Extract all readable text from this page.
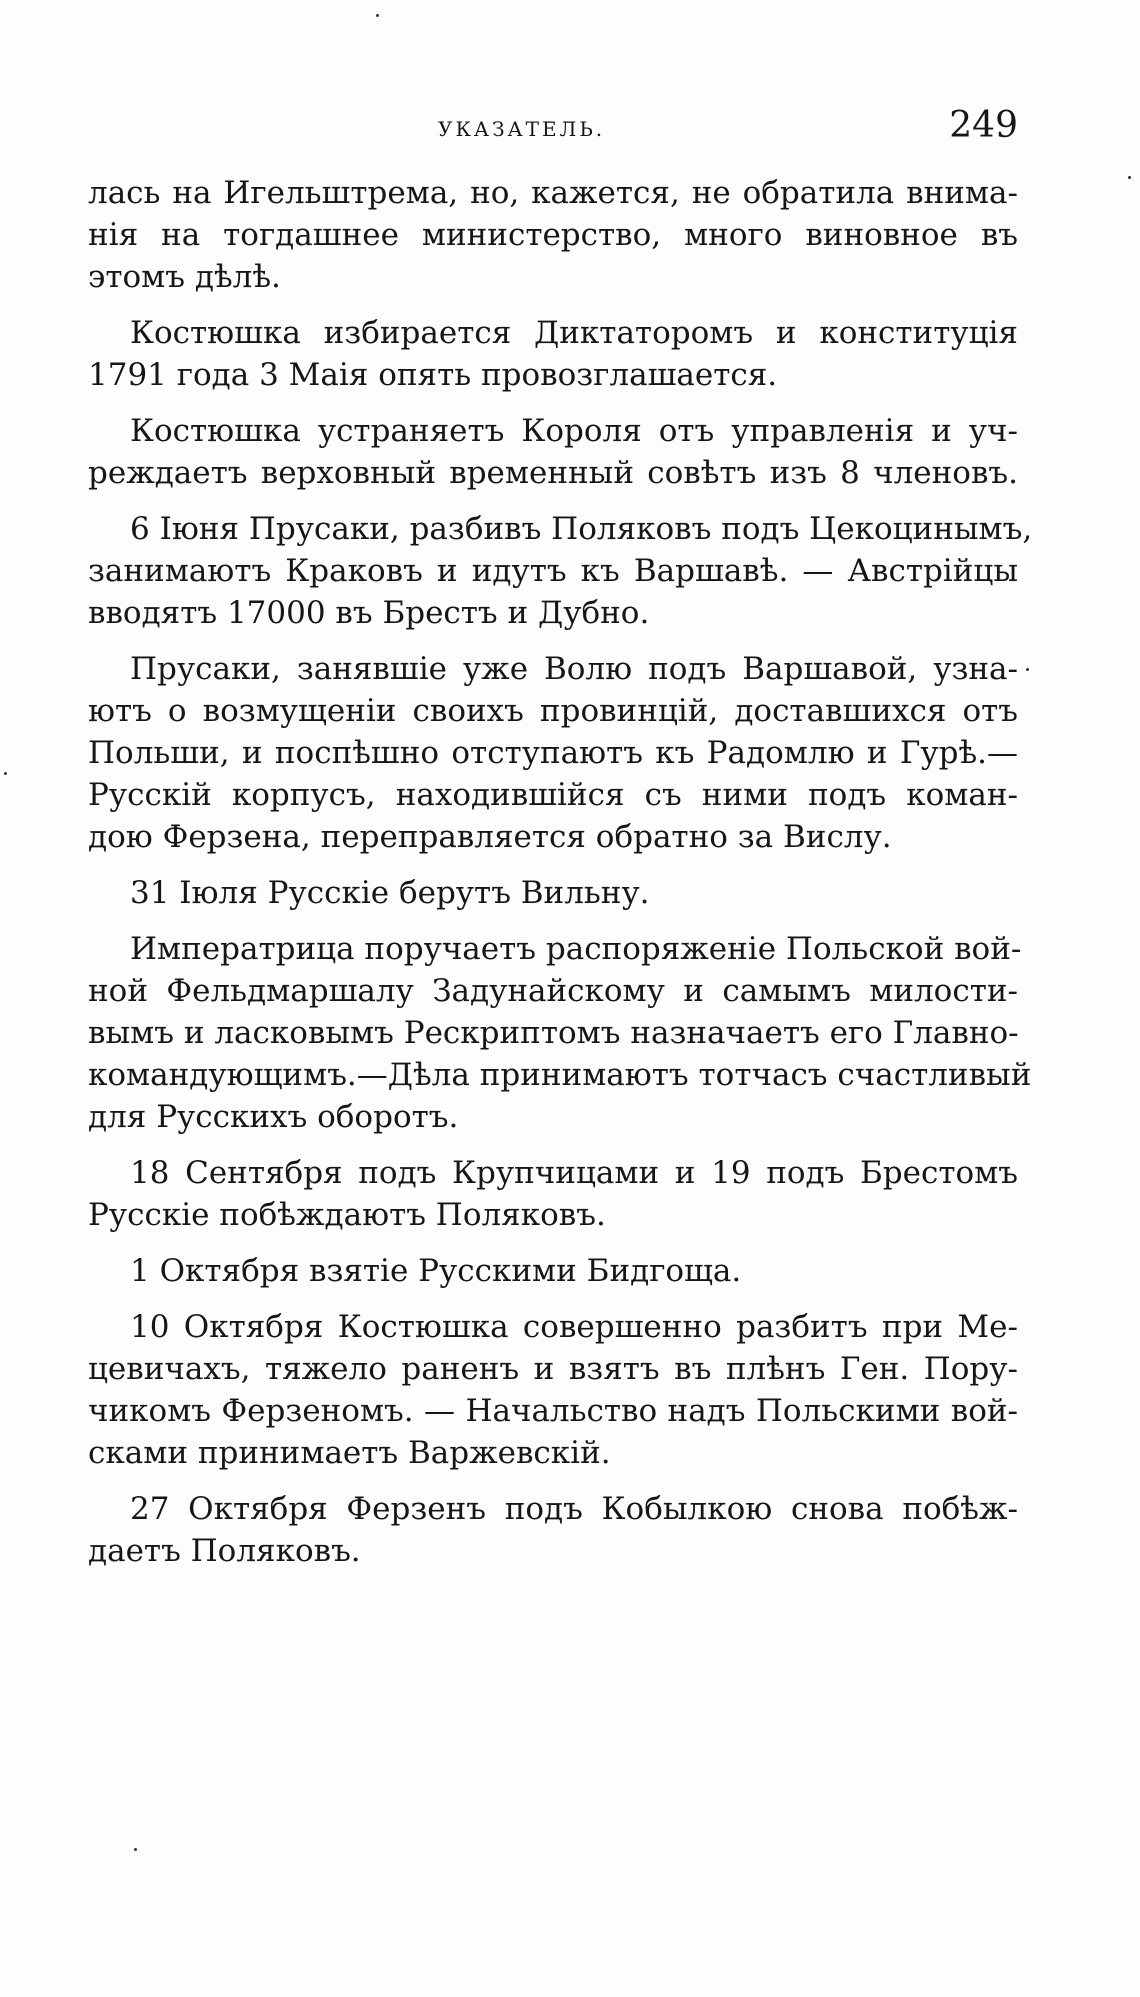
УКАЗАТЕЛЬ.	249
лась на Игельштрема, но, кажется, не обратила внима-
нія на тогдашнее министерство, много виновное въ
этомъ дѣлѣ.
Костюшка избирается Диктаторомъ и конституція
1791 года 3 Маія опять провозглашается.
Костюшка устраняетъ Короля отъ управленія и уч-
реждаетъ верховный временный совѣтъ изъ 8 членовъ.
6 Іюня Прусаки, разбивъ Поляковъ подъ Цекоцинымъ,
занимаютъ Краковъ и идутъ къ Варшавѣ. — Австрійцы
вводятъ 17000 въ Брестъ и Дубно.
Прусаки, занявшіе уже Волю подъ Варшавой, узна-
ютъ о возмущеніи своихъ провинцій, доставшихся отъ
Польши, и поспѣшно отступаютъ къ Радомлю и Гурѣ.—
Русскій корпусъ, находившійся съ ними подъ коман-
дою Ферзена, переправляется обратно за Вислу.
31 Іюля Русскіе берутъ Вильну.
Императрица поручаетъ распоряженіе Польской вой-
ной Фельдмаршалу Задунайскому и самымъ милости-
вымъ и ласковымъ Рескриптомъ назначаетъ его Главно-
командующимъ.—Дѣла принимаютъ тотчасъ счастливый
для Русскихъ оборотъ.
18 Сентября подъ Крупчицами и 19 подъ Брестомъ
Русскіе побѣждаютъ Поляковъ.
1 Октября взятіе Русскими Бидгоща.
10 Октября Костюшка совершенно разбитъ при Ме-
цевичахъ, тяжело раненъ и взятъ въ плѣнъ Ген. Пору-
чикомъ Ферзеномъ. — Начальство надъ Польскими вой-
сками принимаетъ Варжевскій.
27 Октября Ферзенъ подъ Кобылкою снова побѣж-
даетъ Поляковъ.
